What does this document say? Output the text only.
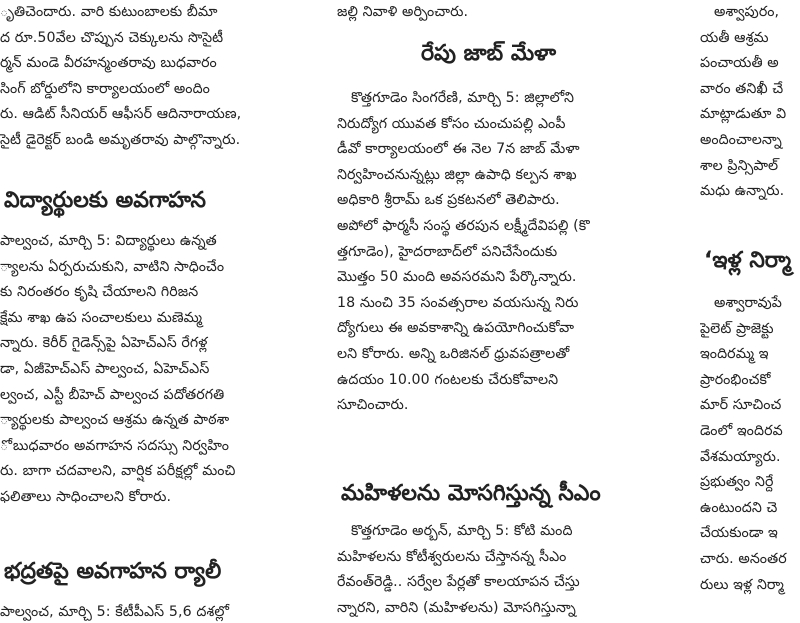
ృతిచెందారు. వారి కుటుంబాలకు బీమా
ద రూ.50వేల చొప్పున చెక్కులను సొసైటీ
ర్మన్ మండె వీరహన్మంతరావు బుధవారం
సింగ్ బోర్డులోని కార్యాలయంలో అందిం
రు. ఆడిట్ సీనియర్ ఆఫీసర్ ఆదినారాయణ,
సైటీ డైరెక్టర్ బండి అమృతరావు పాల్గొన్నారు.
విద్యార్థులకు అవగాహన
పాల్వంచ, మార్చి 5: విద్యార్థులు ఉన్నత
్యాలను ఏర్పరుచుకుని, వాటిని సాధించేం
కు నిరంతరం కృషి చేయాలని గిరిజన
క్షేమ శాఖ ఉప సంచాలకులు మణెమ్మ
న్నారు. కెరీర్ గైడెన్స్‌పై ఏహెచ్ఎస్ రేగళ్ల
డా, ఏజీహెచ్ఎస్ పాల్వంచ, ఏహెచ్ఎస్
ల్వంచ, ఎస్టీ బీహెచ్ పాల్వంచ పదోతరగతి
్యార్థులకు పాల్వంచ ఆశ్రమ ఉన్నత పాఠశా
ో బుధవారం అవగాహన సదస్సు నిర్వహిం
రు. బాగా చదవాలని, వార్షిక పరీక్షల్లో మంచి
ఫలితాలు సాధించాలని కోరారు.
భద్రతపై అవగాహన ర్యాలీ
పాల్వంచ, మార్చి 5: కేటీపీఎస్ 5,6 దశల్లో
జల్లి నివాళి అర్పించారు.
రేపు జాబ్ మేళా
కొత్తగూడెం సింగరేణి, మార్చి 5: జిల్లాలోని
నిరుద్యోగ యువత కోసం చుంచుపల్లి ఎంపీ
డీవో కార్యాలయంలో ఈ నెల 7న జాబ్ మేళా
నిర్వహించనున్నట్లు జిల్లా ఉపాధి కల్పన శాఖ
అధికారి శ్రీరామ్ ఒక ప్రకటనలో తెలిపారు.
అపోలో ఫార్మసీ సంస్థ తరపున లక్ష్మీదేవిపల్లి (కొ
త్తగూడెం), హైదరాబాద్‌లో పనిచేసేందుకు
మొత్తం 50 మంది అవసరమని పేర్కొన్నారు.
18 నుంచి 35 సంవత్సరాల వయసున్న నిరు
ద్యోగులు ఈ అవకాశాన్ని ఉపయోగించుకోవా
లని కోరారు. అన్ని ఒరిజినల్ ధ్రువపత్రాలతో
ఉదయం 10.00 గంటలకు చేరుకోవాలని
సూచించారు.
మహిళలను మోసగిస్తున్న సీఎం
కొత్తగూడెం అర్బన్, మార్చి 5: కోటి మంది
మహిళలను కోటీశ్వరులను చేస్తానన్న సీఎం
రేవంత్‌రెడ్డి.. సర్వేల పేర్లతో కాలయాపన చేస్తు
న్నారని, వారిని (మహిళలను) మోసగిస్తున్నా
అశ్వాపురం,
యతీ ఆశ్రమ
పంచాయతీ అ
వారం తనిఖీ చే
మాట్లాడుతూ వి
అందించాలన్నా
శాల ప్రిన్సిపాల్
మధు ఉన్నారు.
‘ఇళ్ల నిర్మా
అశ్వారావుపే
పైలెట్ ప్రాజెక్టు
ఇందిరమ్మ ఇ
ప్రారంభించకో
మార్ సూచించ
డెంలో ఇందిరవ
వేశమయ్యారు.
ప్రభుత్వం నిర్దే
ఉంటుందని చె
చేయకుండా ఇ
చారు. అనంతర
రులు ఇళ్ల నిర్మా
